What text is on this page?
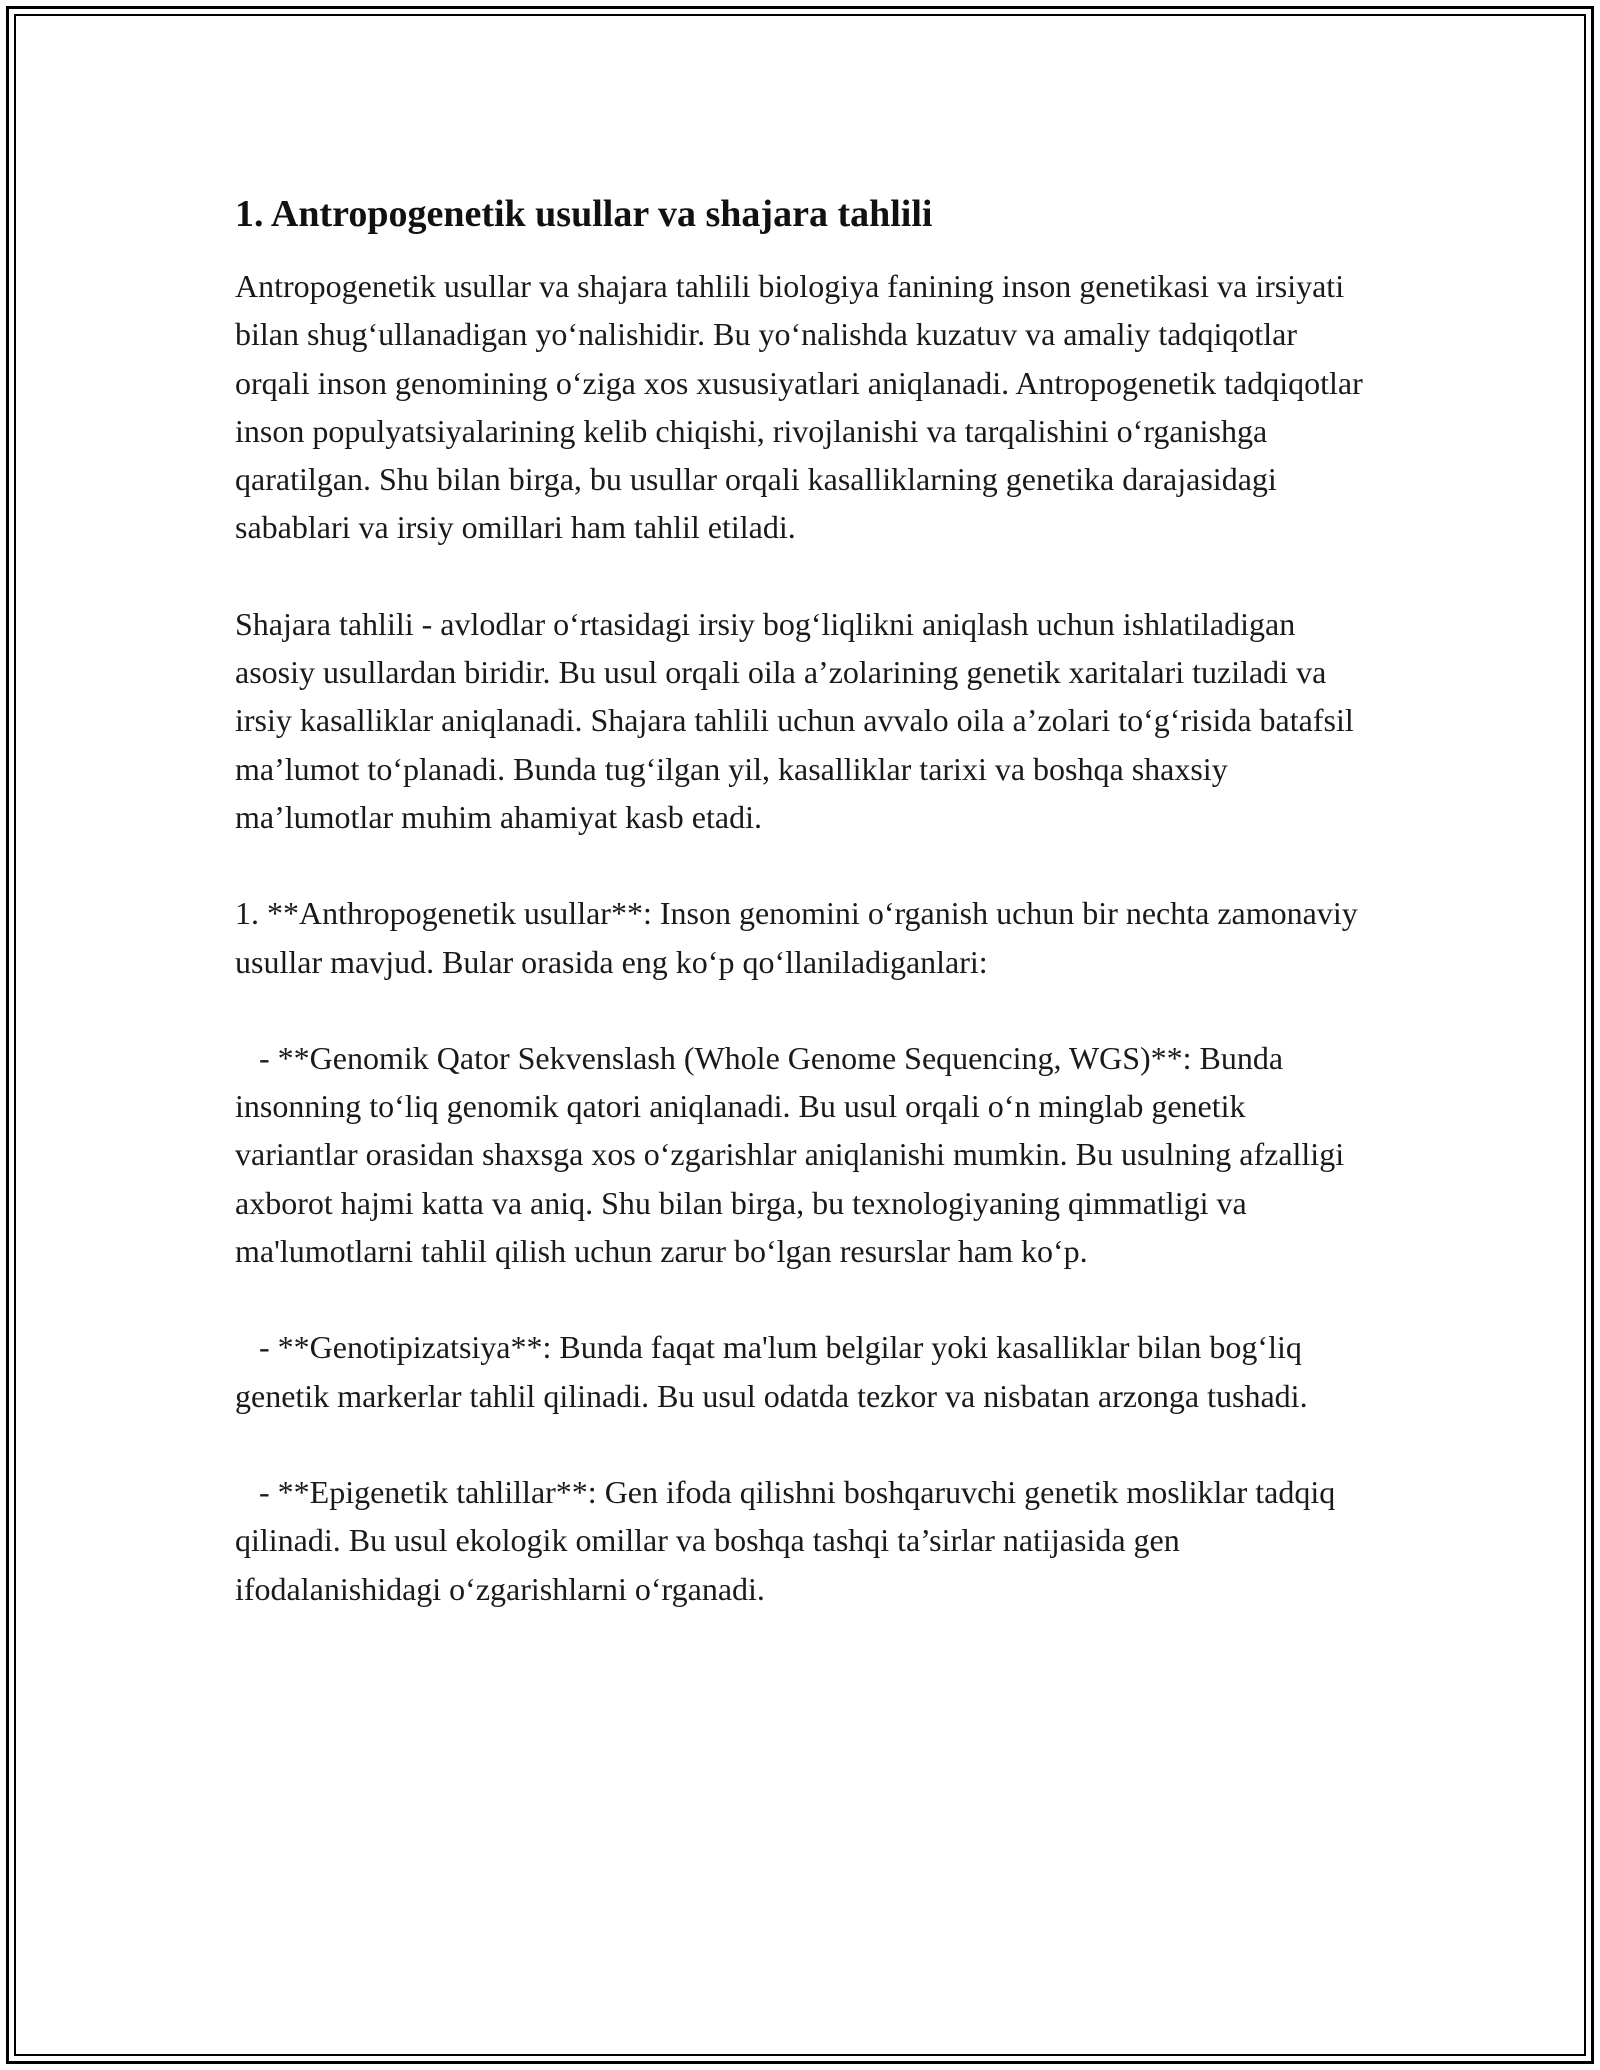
1. Antropogenetik usullar va shajara tahlili

Antropogenetik usullar va shajara tahlili biologiya fanining inson genetikasi va irsiyati bilan shug‘ullanadigan yo‘nalishidir. Bu yo‘nalishda kuzatuv va amaliy tadqiqotlar orqali inson genomining o‘ziga xos xususiyatlari aniqlanadi. Antropogenetik tadqiqotlar inson populyatsiyalarining kelib chiqishi, rivojlanishi va tarqalishini o‘rganishga qaratilgan. Shu bilan birga, bu usullar orqali kasalliklarning genetika darajasidagi sabablari va irsiy omillari ham tahlil etiladi.

Shajara tahlili - avlodlar o‘rtasidagi irsiy bog‘liqlikni aniqlash uchun ishlatiladigan asosiy usullardan biridir. Bu usul orqali oila a’zolarining genetik xaritalari tuziladi va irsiy kasalliklar aniqlanadi. Shajara tahlili uchun avvalo oila a’zolari to‘g‘risida batafsil ma’lumot to‘planadi. Bunda tug‘ilgan yil, kasalliklar tarixi va boshqa shaxsiy ma’lumotlar muhim ahamiyat kasb etadi.

1. **Anthropogenetik usullar**: Inson genomini o‘rganish uchun bir nechta zamonaviy usullar mavjud. Bular orasida eng ko‘p qo‘llaniladiganlari:

- **Genomik Qator Sekvenslash (Whole Genome Sequencing, WGS)**: Bunda insonning to‘liq genomik qatori aniqlanadi. Bu usul orqali o‘n minglab genetik variantlar orasidan shaxsga xos o‘zgarishlar aniqlanishi mumkin. Bu usulning afzalligi axborot hajmi katta va aniq. Shu bilan birga, bu texnologiyaning qimmatligi va ma'lumotlarni tahlil qilish uchun zarur bo‘lgan resurslar ham ko‘p.

- **Genotipizatsiya**: Bunda faqat ma'lum belgilar yoki kasalliklar bilan bog‘liq genetik markerlar tahlil qilinadi. Bu usul odatda tezkor va nisbatan arzonga tushadi.

- **Epigenetik tahlillar**: Gen ifoda qilishni boshqaruvchi genetik mosliklar tadqiq qilinadi. Bu usul ekologik omillar va boshqa tashqi ta’sirlar natijasida gen ifodalanishidagi o‘zgarishlarni o‘rganadi.
